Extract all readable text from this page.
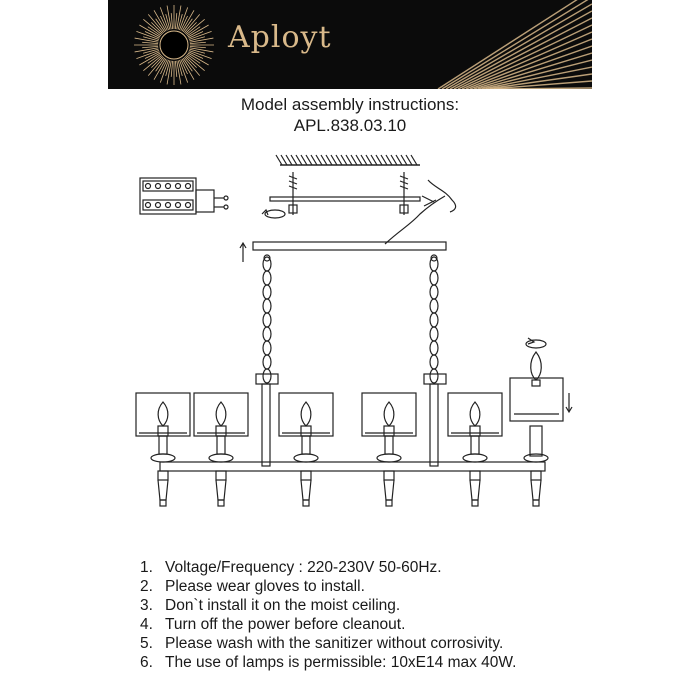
Aployt
Model assembly instructions:
APL.838.03.10
1. Voltage/Frequency : 220-230V 50-60Hz.
2. Please wear gloves to install.
3. Don`t install it on the moist ceiling.
4. Turn off the power before cleanout.
5. Please wash with the sanitizer without corrosivity.
6. The use of lamps is permissible: 10xE14 max 40W.
